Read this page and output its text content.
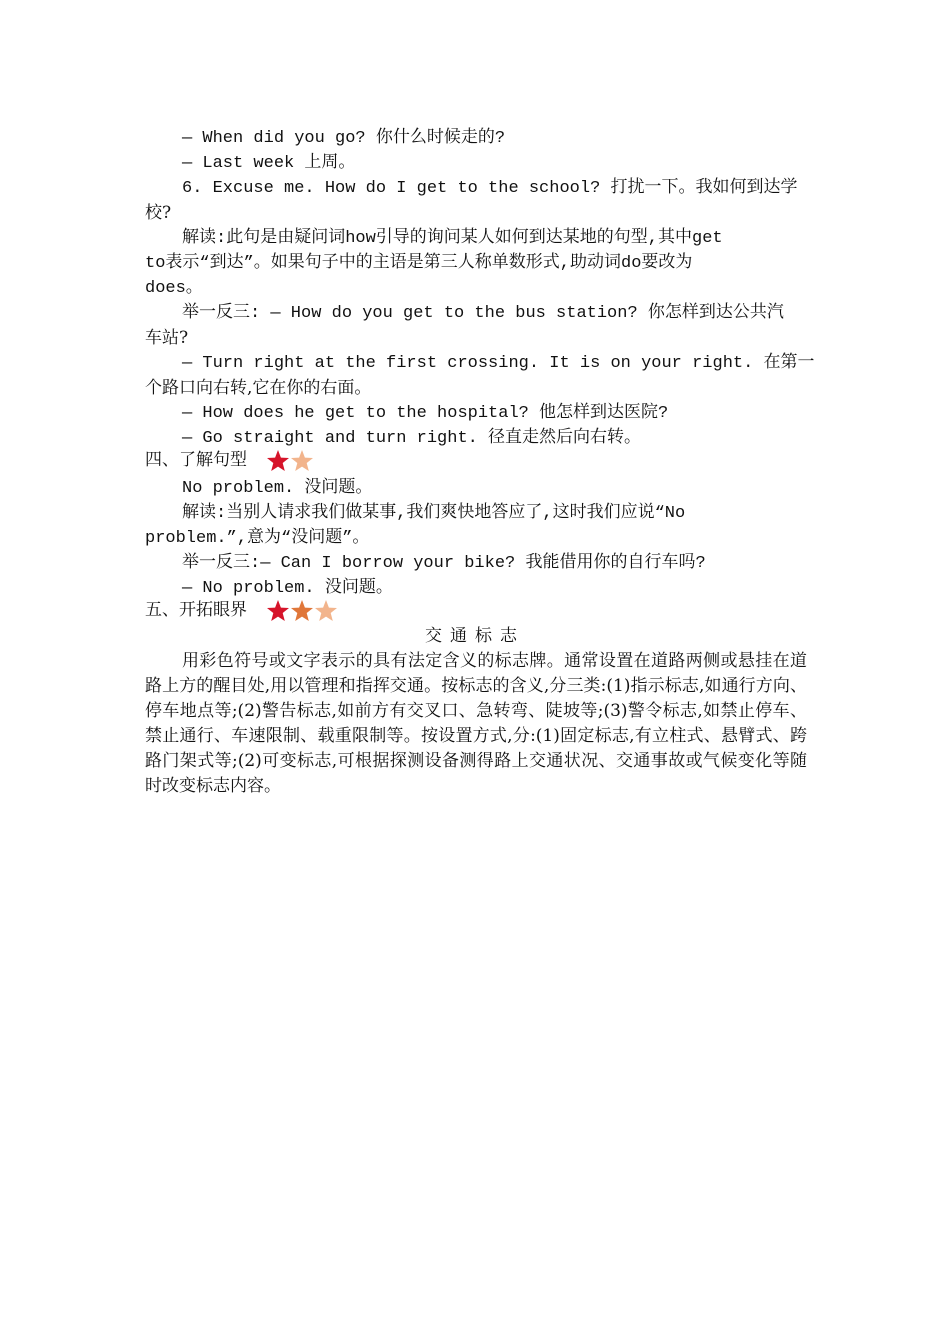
— When did you go? 你什么时候走的?

— Last week 上周。

6. Excuse me. How do I get to the school? 打扰一下。我如何到达学

校?

解读:此句是由疑问词how引导的询问某人如何到达某地的句型,其中get

to表示“到达”。如果句子中的主语是第三人称单数形式,助动词do要改为

does。

举一反三: — How do you get to the bus station? 你怎样到达公共汽

车站?

— Turn right at the first crossing. It is on your right. 在第一

个路口向右转,它在你的右面。

— How does he get to the hospital? 他怎样到达医院?

— Go straight and turn right. 径直走然后向右转。

四、了解句型

No problem. 没问题。

解读:当别人请求我们做某事,我们爽快地答应了,这时我们应说“No

problem.”,意为“没问题”。

举一反三:— Can I borrow your bike? 我能借用你的自行车吗?

— No problem. 没问题。

五、开拓眼界
交通标志

用彩色符号或文字表示的具有法定含义的标志牌。通常设置在道路两侧或悬挂在道路上方的醒目处,用以管理和指挥交通。按标志的含义,分三类:(1)指示标志,如通行方向、停车地点等;(2)警告标志,如前方有交叉口、急转弯、陡坡等;(3)警令标志,如禁止停车、禁止通行、车速限制、载重限制等。按设置方式,分:(1)固定标志,有立柱式、悬臂式、跨路门架式等;(2)可变标志,可根据探测设备测得路上交通状况、交通事故或气候变化等随时改变标志内容。
